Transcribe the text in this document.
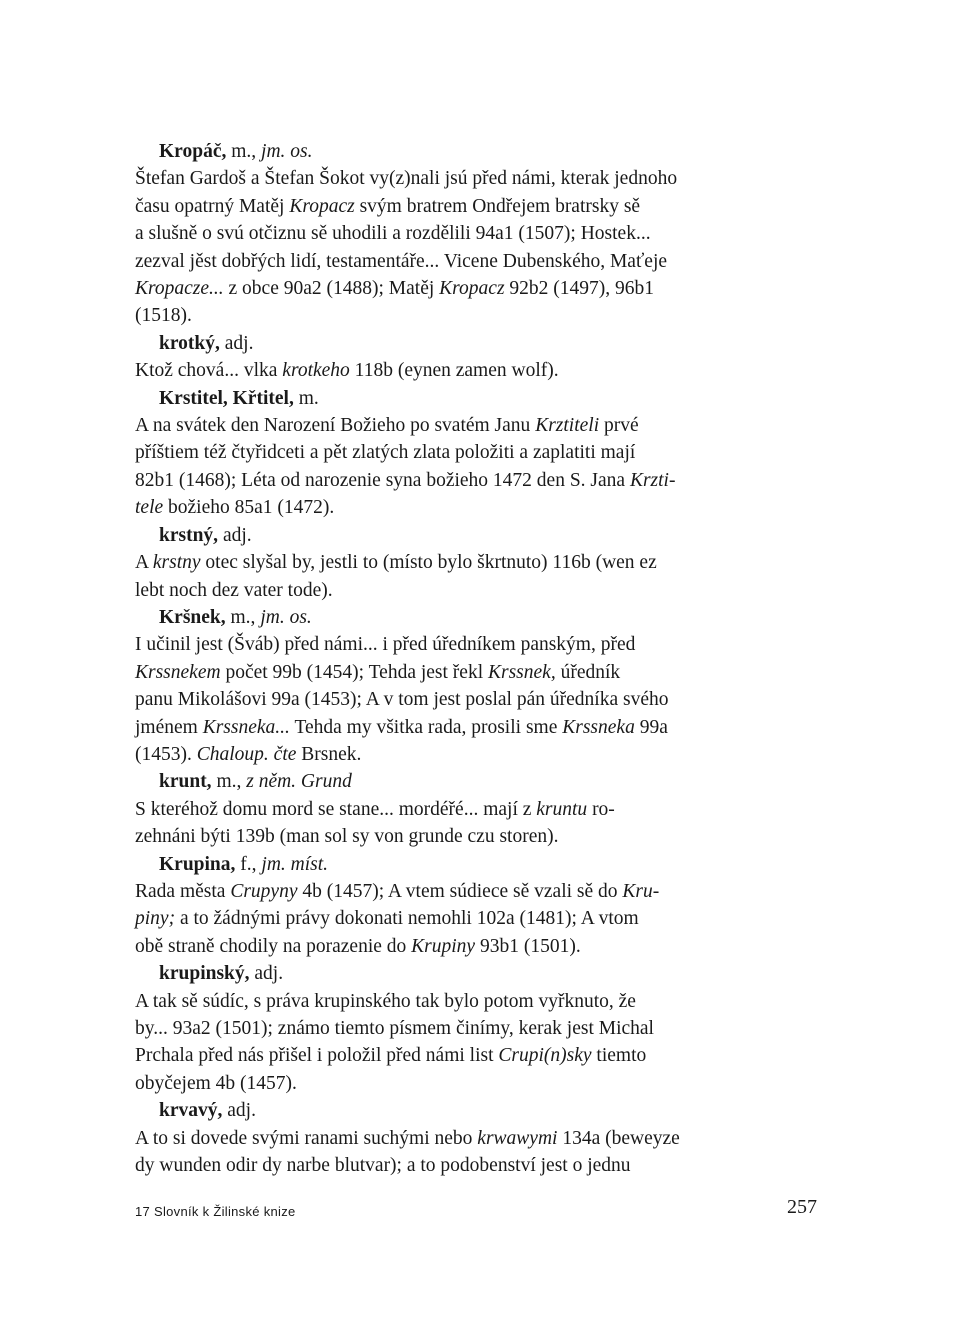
Kropáč, m., jm. os.
Štefan Gardoš a Štefan Šokot vy(z)nali jsú před námi, kterak jednoho
času opatrný Matěj Kropacz svým bratrem Ondřejem bratrsky sě
a slušně o svú otčiznu sě uhodili a rozdělili 94a1 (1507); Hostek...
zezval jěst dobřých lidí, testamentáře... Vicene Dubenského, Maťeje
Kropacze... z obce 90a2 (1488); Matěj Kropacz 92b2 (1497), 96b1
(1518).
krotký, adj.
Ktož chová... vlka krotkeho 118b (eynen zamen wolf).
Krstitel, Křtitel, m.
A na svátek den Narození Božieho po svatém Janu Krztiteli prvé
příštiem též čtyřidceti a pět zlatých zlata položiti a zaplatiti mají
82b1 (1468); Léta od narozenie syna božieho 1472 den S. Jana Krzti-
tele božieho 85a1 (1472).
krstný, adj.
A krstny otec slyšal by, jestli to (místo bylo škrtnuto) 116b (wen ez
lebt noch dez vater tode).
Kršnek, m., jm. os.
I učinil jest (Šváb) před námi... i před úředníkem panským, před
Krssnekem počet 99b (1454); Tehda jest řekl Krssnek, úředník
panu Mikolášovi 99a (1453); A v tom jest poslal pán úředníka svého
jménem Krssneka... Tehda my všitka rada, prosili sme Krssneka 99a
(1453). Chaloup. čte Brsnek.
krunt, m., z něm. Grund
S kteréhož domu mord se stane... mordéřé... mají z kruntu ro-
zehnáni býti 139b (man sol sy von grunde czu storen).
Krupina, f., jm. míst.
Rada města Crupyny 4b (1457); A vtem súdiece sě vzali sě do Kru-
piny; a to žádnými právy dokonati nemohli 102a (1481); A vtom
obě straně chodily na porazenie do Krupiny 93b1 (1501).
krupinský, adj.
A tak sě súdíc, s práva krupinského tak bylo potom vyřknuto, že
by... 93a2 (1501); známo tiemto písmem činímy, kerak jest Michal
Prchala před nás přišel i položil před námi list Crupi(n)sky tiemto
obyčejem 4b (1457).
krvavý, adj.
A to si dovede svými ranami suchými nebo krwawymi 134a (beweyze
dy wunden odir dy narbe blutvar); a to podobenství jest o jednu
17 Slovník k Žilinské knize	257
